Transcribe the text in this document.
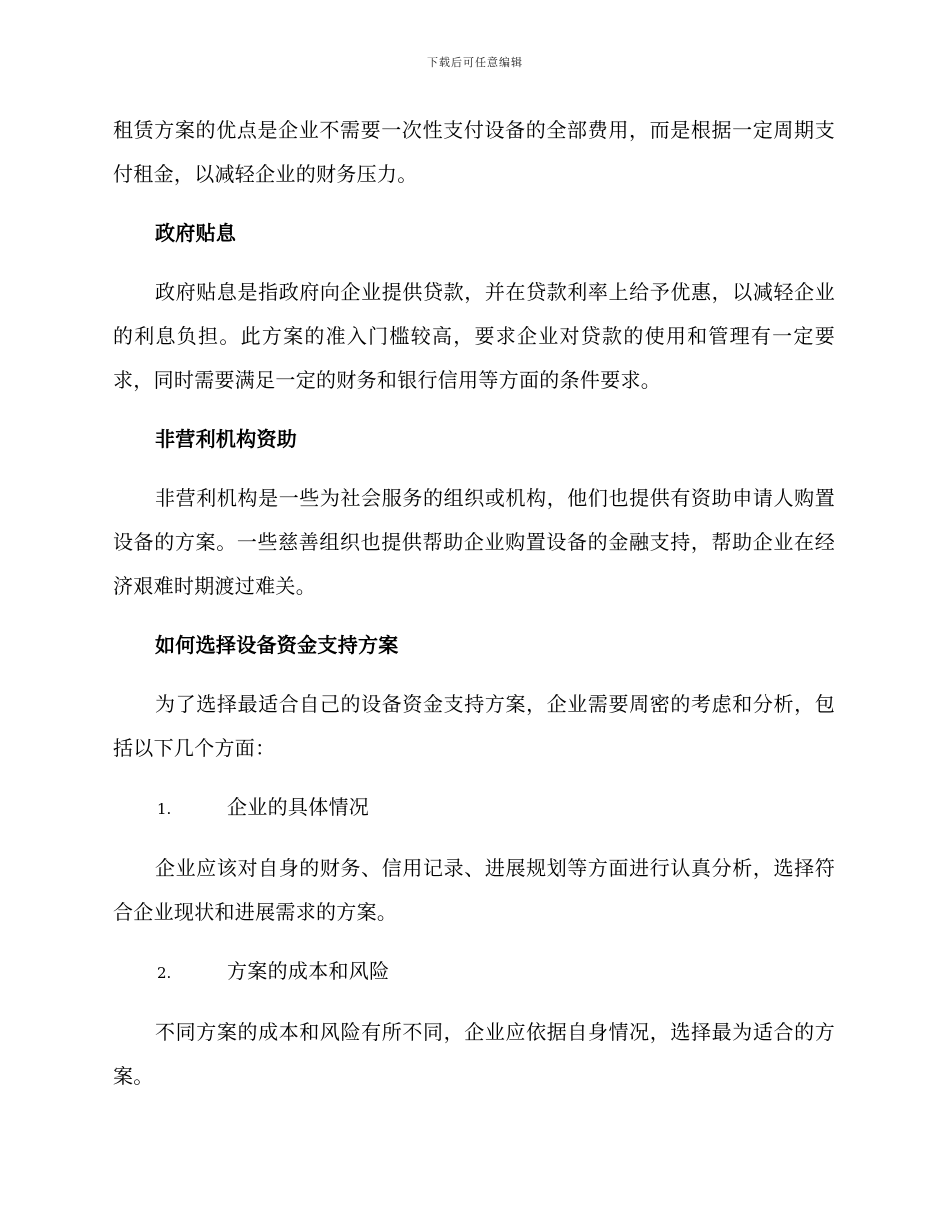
下载后可任意编辑

租赁方案的优点是企业不需要一次性支付设备的全部费用，而是根据一定周期支付租金，以减轻企业的财务压力。

政府贴息

政府贴息是指政府向企业提供贷款，并在贷款利率上给予优惠，以减轻企业的利息负担。此方案的准入门槛较高，要求企业对贷款的使用和管理有一定要求，同时需要满足一定的财务和银行信用等方面的条件要求。

非营利机构资助

非营利机构是一些为社会服务的组织或机构，他们也提供有资助申请人购置设备的方案。一些慈善组织也提供帮助企业购置设备的金融支持，帮助企业在经济艰难时期渡过难关。

如何选择设备资金支持方案

为了选择最适合自己的设备资金支持方案，企业需要周密的考虑和分析，包括以下几个方面：

1.	企业的具体情况

企业应该对自身的财务、信用记录、进展规划等方面进行认真分析，选择符合企业现状和进展需求的方案。

2.	方案的成本和风险

不同方案的成本和风险有所不同，企业应依据自身情况，选择最为适合的方案。
